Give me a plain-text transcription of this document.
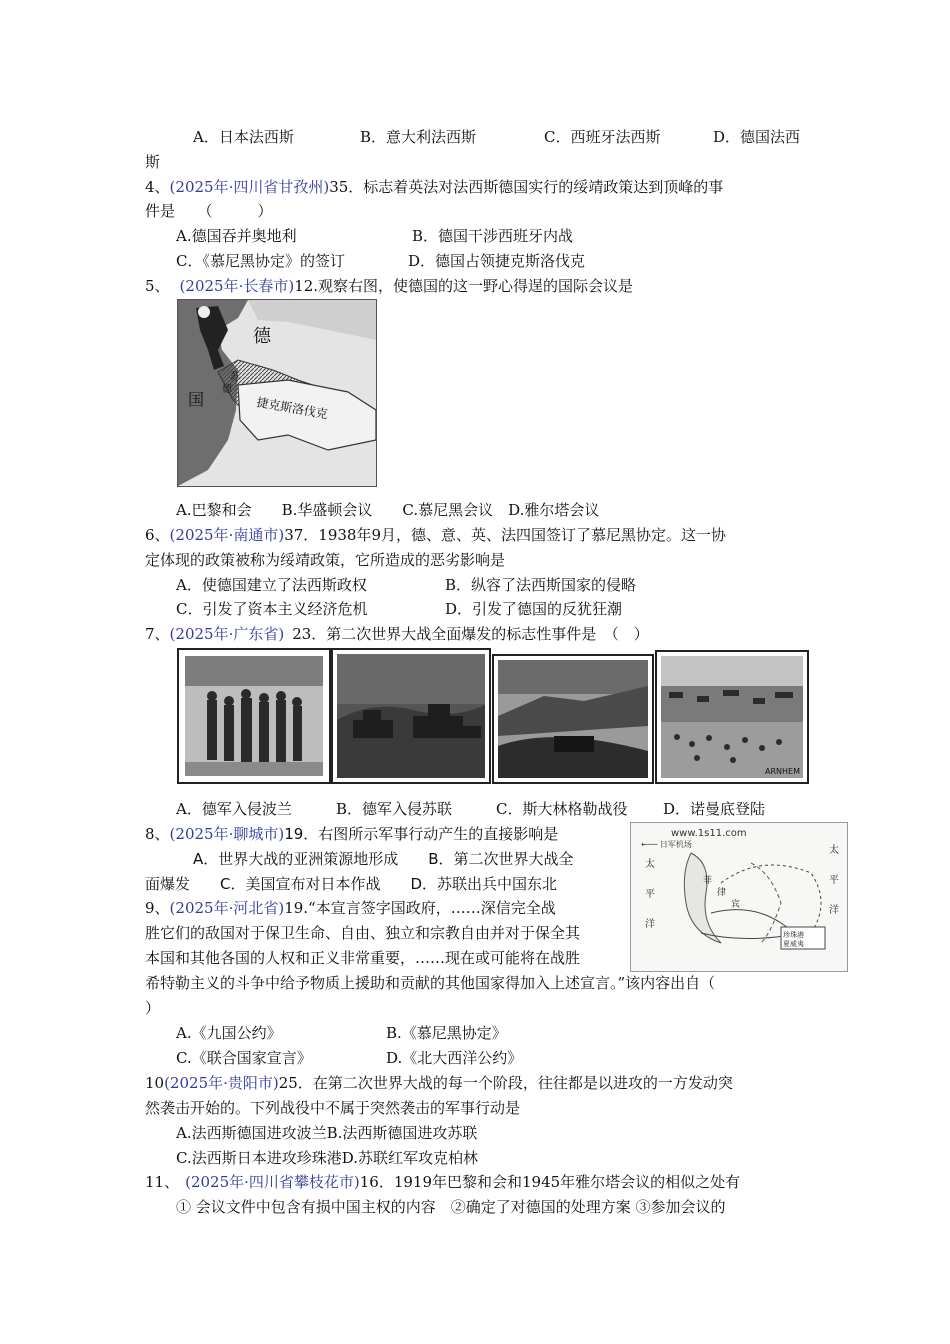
A．日本法西斯	B．意大利法西斯	C．西班牙法西斯	D．德国法西
斯
4、(2025年·四川省甘孜州)35．标志着英法对法西斯德国实行的绥靖政策达到顶峰的事
件是　　（　　　）
A.德国吞并奥地利	B．德国干涉西班牙内战
C．《慕尼黑协定》的签订	D．德国占领捷克斯洛伐克
5、 (2025年·长春市)12.观察右图，使德国的这一野心得逞的国际会议是
德
国
苏
德
捷克斯洛伐克
A.巴黎和会　　B.华盛顿会议　　C.慕尼黑会议　D.雅尔塔会议
6、(2025年·南通市)37．1938年9月，德、意、英、法四国签订了慕尼黑协定。这一协
定体现的政策被称为绥靖政策，它所造成的恶劣影响是
A．使德国建立了法西斯政权	B．纵容了法西斯国家的侵略
C．引发了资本主义经济危机	D．引发了德国的反犹狂潮
7、(2025年·广东省) 23．第二次世界大战全面爆发的标志性事件是　（　）
ARNHEM
A．德军入侵波兰	B．德军入侵苏联	C．斯大林格勒战役 D．诺曼底登陆
8、(2025年·聊城市)19．右图所示军事行动产生的直接影响是
A．世界大战的亚洲策源地形成　　B．第二次世界大战全
面爆发　　C．美国宣布对日本作战　　D．苏联出兵中国东北
www.1s11.com
←── 日军机场
珍珠港
夏威夷
太
平
洋
太
平
洋
菲
律
宾
9、(2025年·河北省)19.“本宣言签字国政府，……深信完全战
胜它们的敌国对于保卫生命、自由、独立和宗教自由并对于保全其
本国和其他各国的人权和正义非常重要，……现在或可能将在战胜
希特勒主义的斗争中给予物质上援助和贡献的其他国家得加入上述宣言。”该内容出自（
）
A.《九国公约》	B.《慕尼黑协定》
C.《联合国家宣言》	D.《北大西洋公约》
10(2025年·贵阳市)25．在第二次世界大战的每一个阶段，往往都是以进攻的一方发动突
然袭击开始的。下列战役中不属于突然袭击的军事行动是
A.法西斯德国进攻波兰B.法西斯德国进攻苏联
C.法西斯日本进攻珍珠港D.苏联红军攻克柏林
11、 (2025年·四川省攀枝花市)16．1919年巴黎和会和1945年雅尔塔会议的相似之处有
① 会议文件中包含有损中国主权的内容　②确定了对德国的处理方案 ③参加会议的
